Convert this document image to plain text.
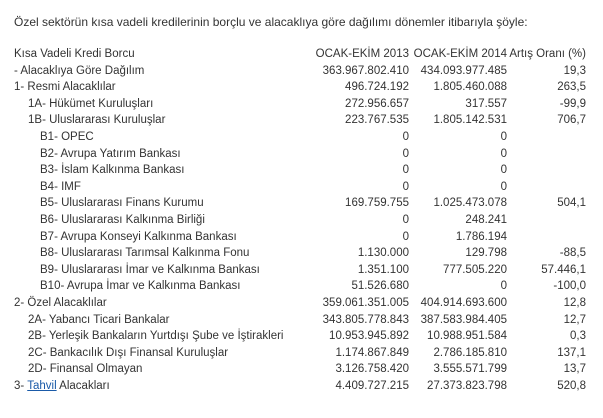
Özel sektörün kısa vadeli kredilerinin borçlu ve alacaklıya göre dağılımı dönemler itibarıyla şöyle:
Kısa Vadeli Kredi Borcu	OCAK-EKİM 2013	OCAK-EKİM 2014	Artış Oranı (%)
- Alacaklıya Göre Dağılım	363.967.802.410	434.093.977.485	19,3
1- Resmi Alacaklılar	496.724.192	1.805.460.088	263,5
1A- Hükümet Kuruluşları	272.956.657	317.557	-99,9
1B- Uluslararası Kuruluşlar	223.767.535	1.805.142.531	706,7
B1- OPEC	0	0	
B2- Avrupa Yatırım Bankası	0	0	
B3- İslam Kalkınma Bankası	0	0	
B4- IMF	0	0	
B5- Uluslararası Finans Kurumu	169.759.755	1.025.473.078	504,1
B6- Uluslararası Kalkınma Birliği	0	248.241	
B7- Avrupa Konseyi Kalkınma Bankası	0	1.786.194	
B8- Uluslararası Tarımsal Kalkınma Fonu	1.130.000	129.798	-88,5
B9- Uluslararası İmar ve Kalkınma Bankası	1.351.100	777.505.220	57.446,1
B10- Avrupa İmar ve Kalkınma Bankası	51.526.680	0	-100,0
2- Özel Alacaklılar	359.061.351.005	404.914.693.600	12,8
2A- Yabancı Ticari Bankalar	343.805.778.843	387.583.984.405	12,7
2B- Yerleşik Bankaların Yurtdışı Şube ve İştirakleri	10.953.945.892	10.988.951.584	0,3
2C- Bankacılık Dışı Finansal Kuruluşlar	1.174.867.849	2.786.185.810	137,1
2D- Finansal Olmayan	3.126.758.420	3.555.571.799	13,7
3- Tahvil Alacakları	4.409.727.215	27.373.823.798	520,8
